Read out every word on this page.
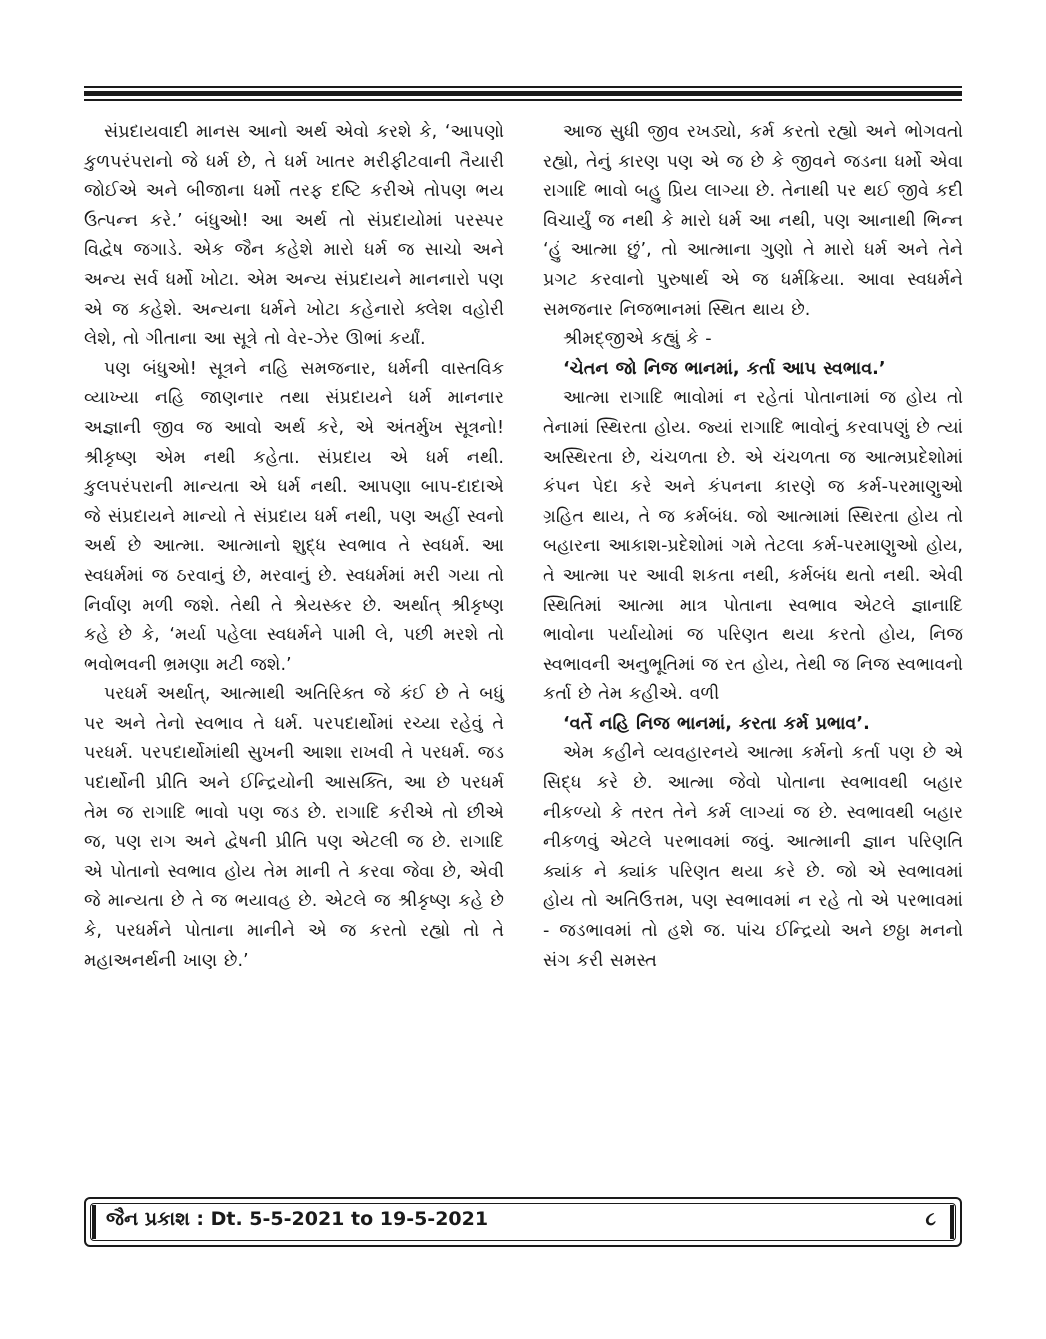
સંપ્રદાયવાદી માનસ આનો અર્થ એવો કરશે કે, ‘આપણો કુળપરંપરાનો જે ધર્મ છે, તે ધર્મ ખાતર મરીફીટવાની તૈયારી જોઈએ અને બીજાના ધર્મો તરફ દષ્ટિ કરીએ તોપણ ભય ઉત્પન્ન કરે.’ બંધુઓ! આ અર્થ તો સંપ્રદાયોમાં પરસ્પર વિદ્વેષ જગાડે. એક જૈન કહેશે મારો ધર્મ જ સાચો અને અન્ય સર્વ ધર્મો ખોટા. એમ અન્ય સંપ્રદાયને માનનારો પણ એ જ કહેશે. અન્યના ધર્મને ખોટા કહેનારો ક્લેશ વહોરી લેશે, તો ગીતાના આ સૂત્રે તો વેર-ઝેર ઊભાં કર્યાં.

પણ બંધુઓ! સૂત્રને નહિ સમજનાર, ધર્મની વાસ્તવિક વ્યાખ્યા નહિ જાણનાર તથા સંપ્રદાયને ધર્મ માનનાર અજ્ઞાની જીવ જ આવો અર્થ કરે, એ અંતર્મુખ સૂત્રનો! શ્રીકૃષ્ણ એમ નથી કહેતા. સંપ્રદાય એ ધર્મ નથી. કુલપરંપરાની માન્યતા એ ધર્મ નથી. આપણા બાપ-દાદાએ જે સંપ્રદાયને માન્યો તે સંપ્રદાય ધર્મ નથી, પણ અહીં સ્વનો અર્થ છે આત્મા. આત્માનો શુદ્ધ સ્વભાવ તે સ્વધર્મ. આ સ્વધર્મમાં જ ઠરવાનું છે, મરવાનું છે. સ્વધર્મમાં મરી ગયા તો નિર્વાણ મળી જશે. તેથી તે શ્રેયસ્કર છે. અર્થાત્ શ્રીકૃષ્ણ કહે છે કે, ‘મર્યા પહેલા સ્વધર્મને પામી લે, પછી મરશે તો ભવોભવની ભ્રમણા મટી જશે.’

પરધર્મ અર્થાત્, આત્માથી અતિરિક્ત જે કંઈ છે તે બધું પર અને તેનો સ્વભાવ તે ધર્મ. પરપદાર્થોમાં રચ્યા રહેવું તે પરધર્મ. પરપદાર્થોમાંથી સુખની આશા રાખવી તે પરધર્મ. જડ પદાર્થોની પ્રીતિ અને ઈન્દ્રિયોની આસક્તિ, આ છે પરધર્મ તેમ જ રાગાદિ ભાવો પણ જડ છે. રાગાદિ કરીએ તો છીએ જ, પણ રાગ અને દ્વેષની પ્રીતિ પણ એટલી જ છે. રાગાદિ એ પોતાનો સ્વભાવ હોય તેમ માની તે કરવા જેવા છે, એવી જે માન્યતા છે તે જ ભયાવહ છે. એટલે જ શ્રીકૃષ્ણ કહે છે કે, પરધર્મને પોતાના માનીને એ જ કરતો રહ્યો તો તે મહાઅનર્થની ખાણ છે.’

આજ સુધી જીવ રખડ્યો, કર્મ કરતો રહ્યો અને ભોગવતો રહ્યો, તેનું કારણ પણ એ જ છે કે જીવને જડના ધર્મો એવા રાગાદિ ભાવો બહુ પ્રિય લાગ્યા છે. તેનાથી પર થઈ જીવે કદી વિચાર્યું જ નથી કે મારો ધર્મ આ નથી, પણ આનાથી ભિન્ન ‘હું આત્મા છું’, તો આત્માના ગુણો તે મારો ધર્મ અને તેને પ્રગટ કરવાનો પુરુષાર્થ એ જ ધર્મક્રિયા. આવા સ્વધર્મને સમજનાર નિજભાનમાં સ્થિત થાય છે.

શ્રીમદ્જીએ કહ્યું કે -

‘ચેતન જો નિજ ભાનમાં, કર્તા આપ સ્વભાવ.’

આત્મા રાગાદિ ભાવોમાં ન રહેતાં પોતાનામાં જ હોય તો તેનામાં સ્થિરતા હોય. જ્યાં રાગાદિ ભાવોનું કરવાપણું છે ત્યાં અસ્થિરતા છે, ચંચળતા છે. એ ચંચળતા જ આત્મપ્રદેશોમાં કંપન પેદા કરે અને કંપનના કારણે જ કર્મ-પરમાણુઓ ગ્રહિત થાય, તે જ કર્મબંધ. જો આત્મામાં સ્થિરતા હોય તો બહારના આકાશ-પ્રદેશોમાં ગમે તેટલા કર્મ-પરમાણુઓ હોય, તે આત્મા પર આવી શકતા નથી, કર્મબંધ થતો નથી. એવી સ્થિતિમાં આત્મા માત્ર પોતાના સ્વભાવ એટલે જ્ઞાનાદિ ભાવોના પર્યાયોમાં જ પરિણત થયા કરતો હોય, નિજ સ્વભાવની અનુભૂતિમાં જ રત હોય, તેથી જ નિજ સ્વભાવનો કર્તા છે તેમ કહીએ. વળી

‘વર્તે નહિ નિજ ભાનમાં, કરતા કર્મ પ્રભાવ’.

એમ કહીને વ્યવહારનયે આત્મા કર્મનો કર્તા પણ છે એ સિદ્ધ કરે છે. આત્મા જેવો પોતાના સ્વભાવથી બહાર નીકળ્યો કે તરત તેને કર્મ લાગ્યાં જ છે. સ્વભાવથી બહાર નીકળવું એટલે પરભાવમાં જવું. આત્માની જ્ઞાન પરિણતિ ક્યાંક ને ક્યાંક પરિણત થયા કરે છે. જો એ સ્વભાવમાં હોય તો અતિઉત્તમ, પણ સ્વભાવમાં ન રહે તો એ પરભાવમાં - જડભાવમાં તો હશે જ. પાંચ ઈન્દ્રિયો અને છઠ્ઠા મનનો સંગ કરી સમસ્ત

જૈન પ્રકાશ : Dt. 5-5-2021 to 19-5-2021	૮
